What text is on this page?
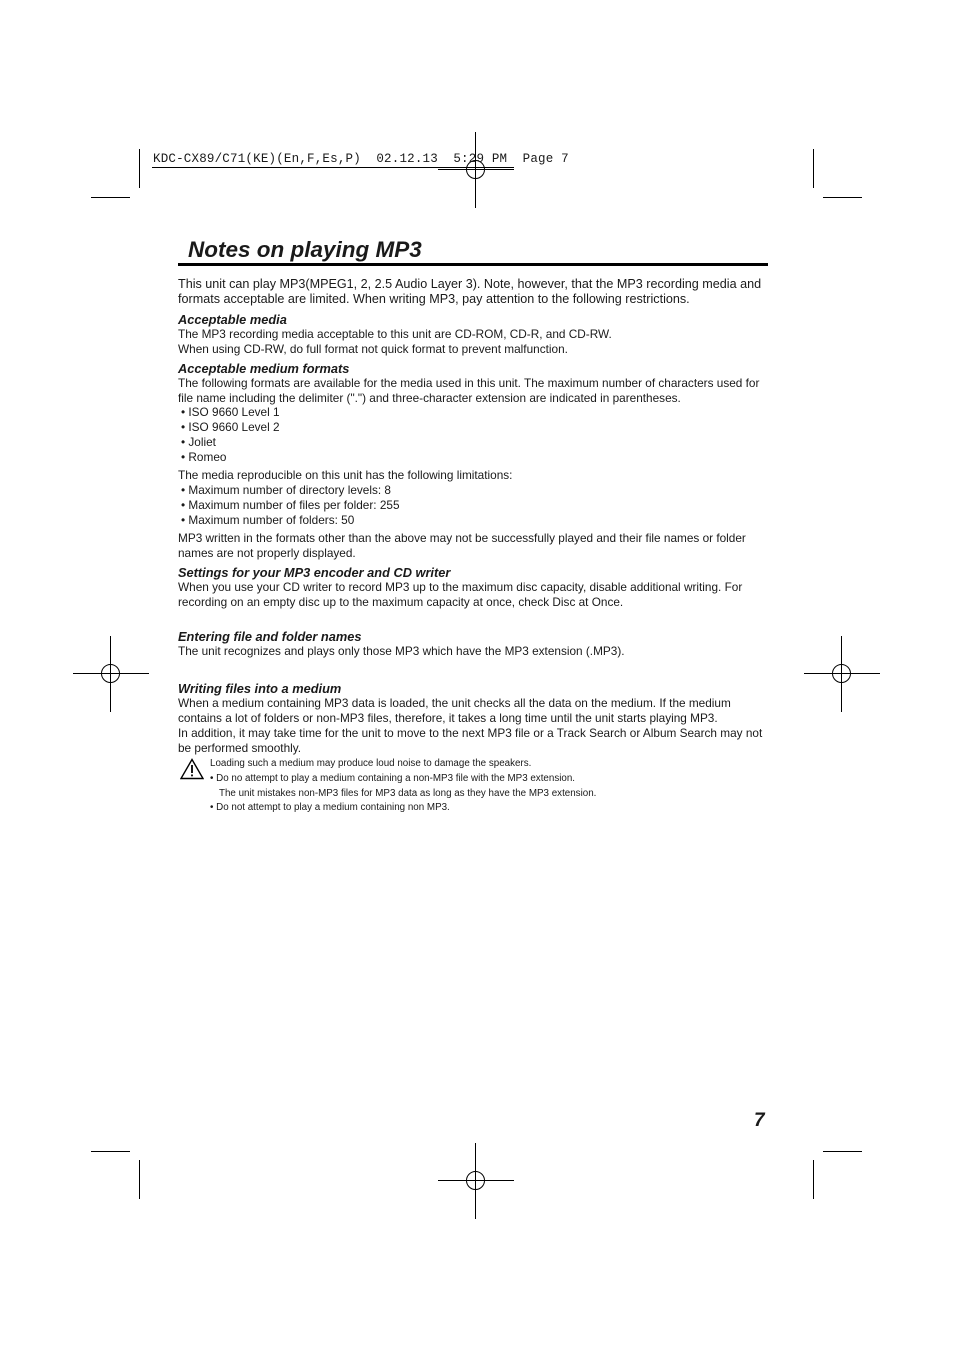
KDC-CX89/C71(KE)(En,F,Es,P)  02.12.13  5:29 PM  Page 7
Notes on playing MP3

This unit can play MP3(MPEG1, 2, 2.5 Audio Layer 3). Note, however, that the MP3 recording media and formats acceptable are limited. When writing MP3, pay attention to the following restrictions.

Acceptable media

The MP3 recording media acceptable to this unit are CD-ROM, CD-R, and CD-RW.

When using CD-RW, do full format not quick format to prevent malfunction.

Acceptable medium formats

The following formats are available for the media used in this unit. The maximum number of characters used for file name including the delimiter (".") and three-character extension are indicated in parentheses.

• ISO 9660 Level 1
• ISO 9660 Level 2
• Joliet
• Romeo

The media reproducible on this unit has the following limitations:

• Maximum number of directory levels: 8
• Maximum number of files per folder: 255
• Maximum number of folders: 50

MP3 written in the formats other than the above may not be successfully played and their file names or folder names are not properly displayed.

Settings for your MP3 encoder and CD writer

When you use your CD writer to record MP3 up to the maximum disc capacity, disable additional writing. For recording on an empty disc up to the maximum capacity at once, check Disc at Once.

Entering file and folder names

The unit recognizes and plays only those MP3 which have the MP3 extension (.MP3).

Writing files into a medium

When a medium containing MP3 data is loaded, the unit checks all the data on the medium. If the medium contains a lot of folders or non-MP3 files, therefore, it takes a long time until the unit starts playing MP3.

In addition, it may take time for the unit to move to the next MP3 file or a Track Search or Album Search may not be performed smoothly.

Loading such a medium may produce loud noise to damage the speakers.

• Do no attempt to play a medium containing a non-MP3 file with the MP3 extension.

The unit mistakes non-MP3 files for MP3 data as long as they have the MP3 extension.

• Do not attempt to play a medium containing non MP3.

7
